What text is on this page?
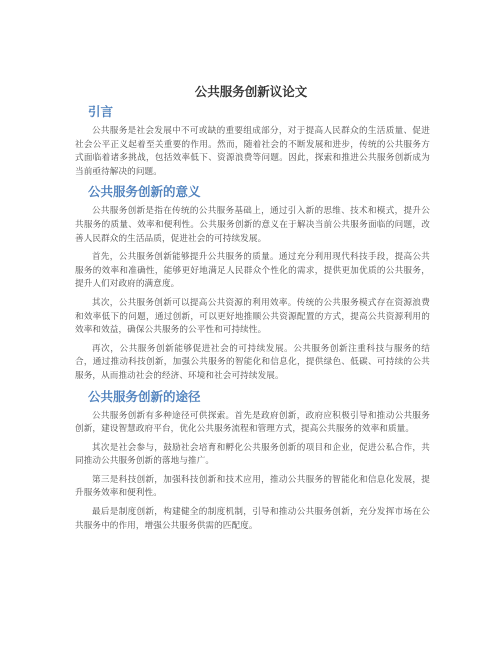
公共服务创新议论文
引言

公共服务是社会发展中不可或缺的重要组成部分，对于提高人民群众的生活质量、促进社会公平正义起着至关重要的作用。然而，随着社会的不断发展和进步，传统的公共服务方式面临着诸多挑战，包括效率低下、资源浪费等问题。因此，探索和推进公共服务创新成为当前亟待解决的问题。

公共服务创新的意义

公共服务创新是指在传统的公共服务基础上，通过引入新的思维、技术和模式，提升公共服务的质量、效率和便利性。公共服务创新的意义在于解决当前公共服务面临的问题，改善人民群众的生活品质，促进社会的可持续发展。

首先，公共服务创新能够提升公共服务的质量。通过充分利用现代科技手段，提高公共服务的效率和准确性，能够更好地满足人民群众个性化的需求，提供更加优质的公共服务，提升人们对政府的满意度。

其次，公共服务创新可以提高公共资源的利用效率。传统的公共服务模式存在资源浪费和效率低下的问题，通过创新，可以更好地推顺公共资源配置的方式，提高公共资源利用的效率和效益，确保公共服务的公平性和可持续性。

再次，公共服务创新能够促进社会的可持续发展。公共服务创新注重科技与服务的结合，通过推动科技创新，加强公共服务的智能化和信息化，提供绿色、低碳、可持续的公共服务，从而推动社会的经济、环境和社会可持续发展。

公共服务创新的途径

公共服务创新有多种途径可供探索。首先是政府创新，政府应积极引导和推动公共服务创新，建设智慧政府平台，优化公共服务流程和管理方式，提高公共服务的效率和质量。

其次是社会参与，鼓励社会培育和孵化公共服务创新的项目和企业，促进公私合作，共同推动公共服务创新的落地与推广。

第三是科技创新，加强科技创新和技术应用，推动公共服务的智能化和信息化发展，提升服务效率和便利性。

最后是制度创新，构建健全的制度机制，引导和推动公共服务创新，充分发挥市场在公共服务中的作用，增强公共服务供需的匹配度。
